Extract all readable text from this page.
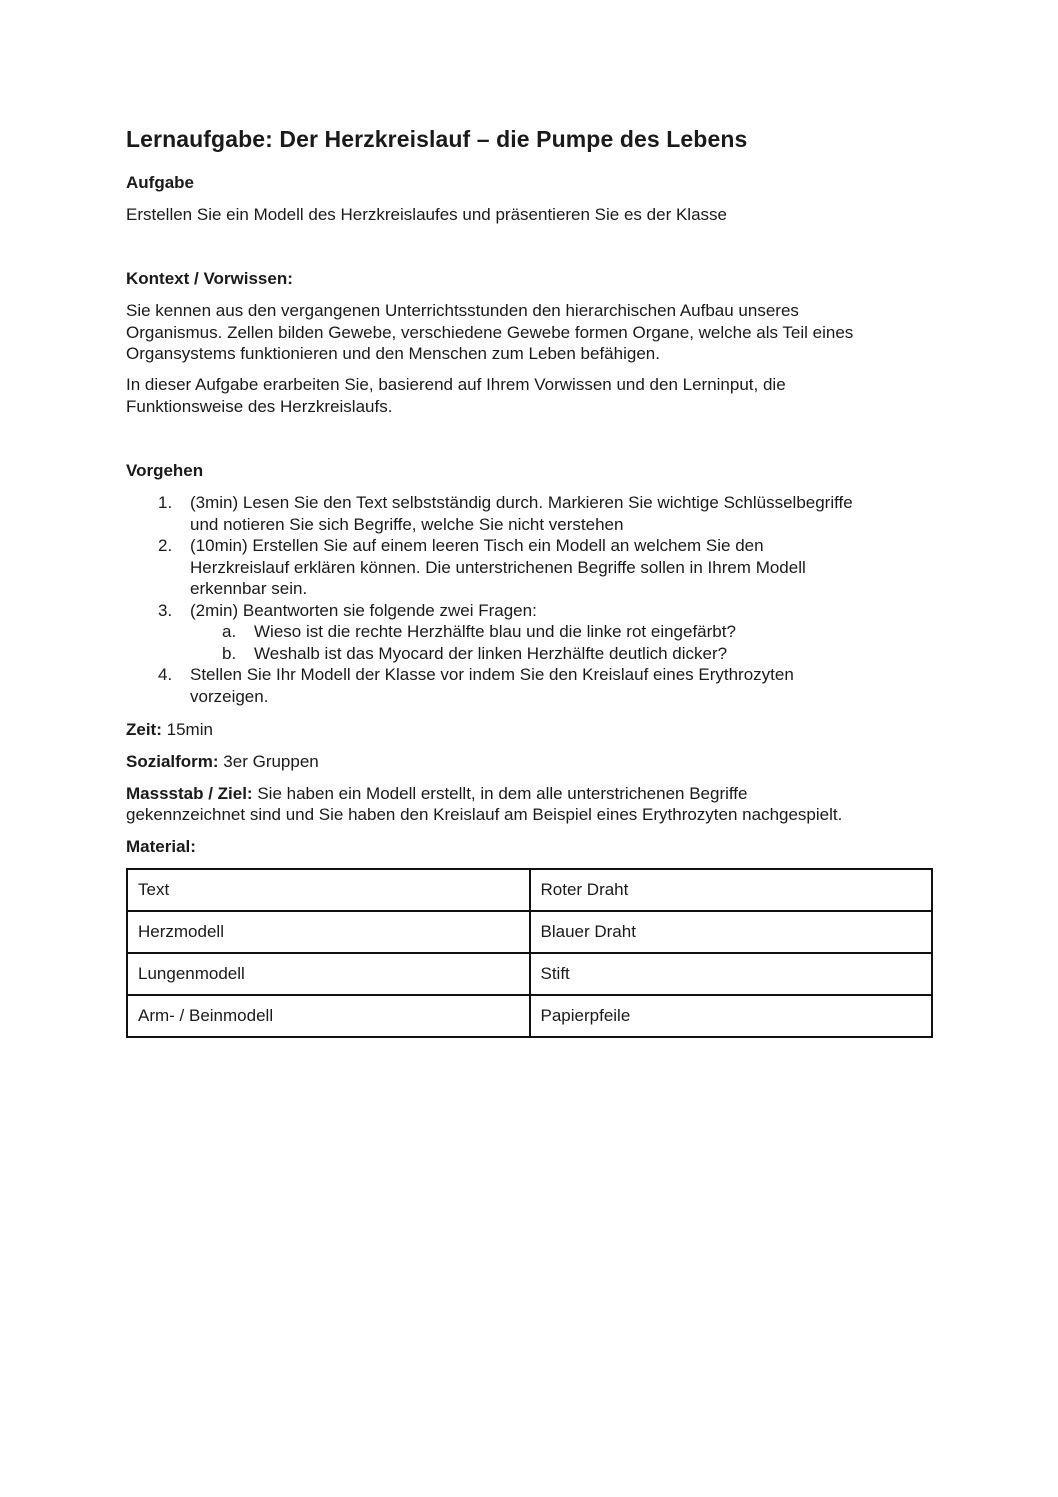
Lernaufgabe: Der Herzkreislauf – die Pumpe des Lebens
Aufgabe

Erstellen Sie ein Modell des Herzkreislaufes und präsentieren Sie es der Klasse

Kontext / Vorwissen:

Sie kennen aus den vergangenen Unterrichtsstunden den hierarchischen Aufbau unseres
Organismus. Zellen bilden Gewebe, verschiedene Gewebe formen Organe, welche als Teil eines
Organsystems funktionieren und den Menschen zum Leben befähigen.

In dieser Aufgabe erarbeiten Sie, basierend auf Ihrem Vorwissen und den Lerninput, die
Funktionsweise des Herzkreislaufs.

Vorgehen
1. (3min) Lesen Sie den Text selbstständig durch. Markieren Sie wichtige Schlüsselbegriffe
und notieren Sie sich Begriffe, welche Sie nicht verstehen
2. (10min) Erstellen Sie auf einem leeren Tisch ein Modell an welchem Sie den
Herzkreislauf erklären können. Die unterstrichenen Begriffe sollen in Ihrem Modell
erkennbar sein.
3. (2min) Beantworten sie folgende zwei Fragen:
a. Wieso ist die rechte Herzhälfte blau und die linke rot eingefärbt?
b. Weshalb ist das Myocard der linken Herzhälfte deutlich dicker?
4. Stellen Sie Ihr Modell der Klasse vor indem Sie den Kreislauf eines Erythrozyten
vorzeigen.

Zeit: 15min

Sozialform: 3er Gruppen

Massstab / Ziel: Sie haben ein Modell erstellt, in dem alle unterstrichenen Begriffe

gekennzeichnet sind und Sie haben den Kreislauf am Beispiel eines Erythrozyten nachgespielt.

Material:
Text	Roter Draht
Herzmodell	Blauer Draht
Lungenmodell	Stift
Arm- / Beinmodell	Papierpfeile
